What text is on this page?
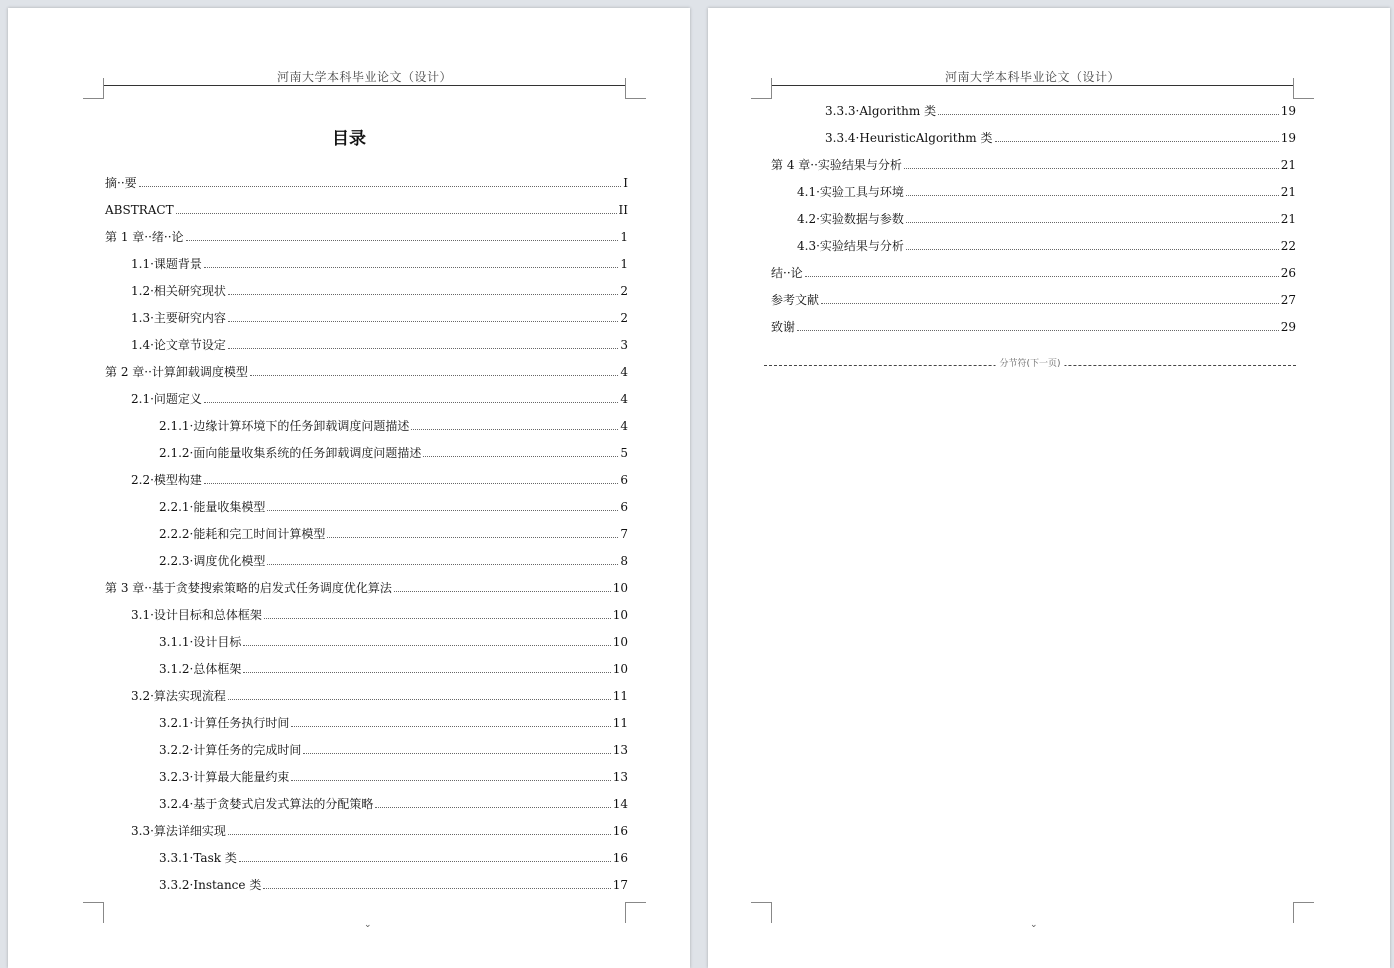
河南大学本科毕业论文（设计）
目录
摘··要	I
ABSTRACT	II
第 1 章··绪··论	1
1.1·课题背景	1
1.2·相关研究现状	2
1.3·主要研究内容	2
1.4·论文章节设定	3
第 2 章··计算卸载调度模型	4
2.1·问题定义	4
2.1.1·边缘计算环境下的任务卸载调度问题描述	4
2.1.2·面向能量收集系统的任务卸载调度问题描述	5
2.2·模型构建	6
2.2.1·能量收集模型	6
2.2.2·能耗和完工时间计算模型	7
2.2.3·调度优化模型	8
第 3 章··基于贪婪搜索策略的启发式任务调度优化算法	10
3.1·设计目标和总体框架	10
3.1.1·设计目标	10
3.1.2·总体框架	10
3.2·算法实现流程	11
3.2.1·计算任务执行时间	11
3.2.2·计算任务的完成时间	13
3.2.3·计算最大能量约束	13
3.2.4·基于贪婪式启发式算法的分配策略	14
3.3·算法详细实现	16
3.3.1·Task 类	16
3.3.2·Instance 类	17
⌄
河南大学本科毕业论文（设计）
3.3.3·Algorithm 类	19
3.3.4·HeuristicAlgorithm 类	19
第 4 章··实验结果与分析	21
4.1·实验工具与环境	21
4.2·实验数据与参数	21
4.3·实验结果与分析	22
结··论	26
参考文献	27
致谢	29
分节符(下一页)
⌄
